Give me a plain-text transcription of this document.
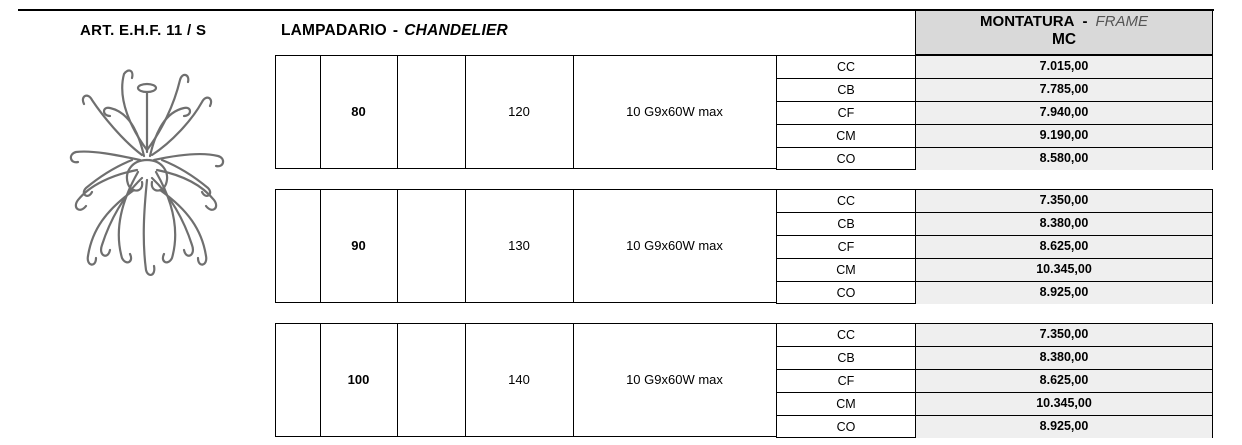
ART. E.H.F. 11 / S	LAMPADARIO - CHANDELIER
MONTATURA - FRAME
MC
80	120	10 G9x60W max
CC	7.015,00
CB	7.785,00
CF	7.940,00
CM	9.190,00
CO	8.580,00
90	130	10 G9x60W max
CC	7.350,00
CB	8.380,00
CF	8.625,00
CM	10.345,00
CO	8.925,00
100	140	10 G9x60W max
CC	7.350,00
CB	8.380,00
CF	8.625,00
CM	10.345,00
CO	8.925,00
